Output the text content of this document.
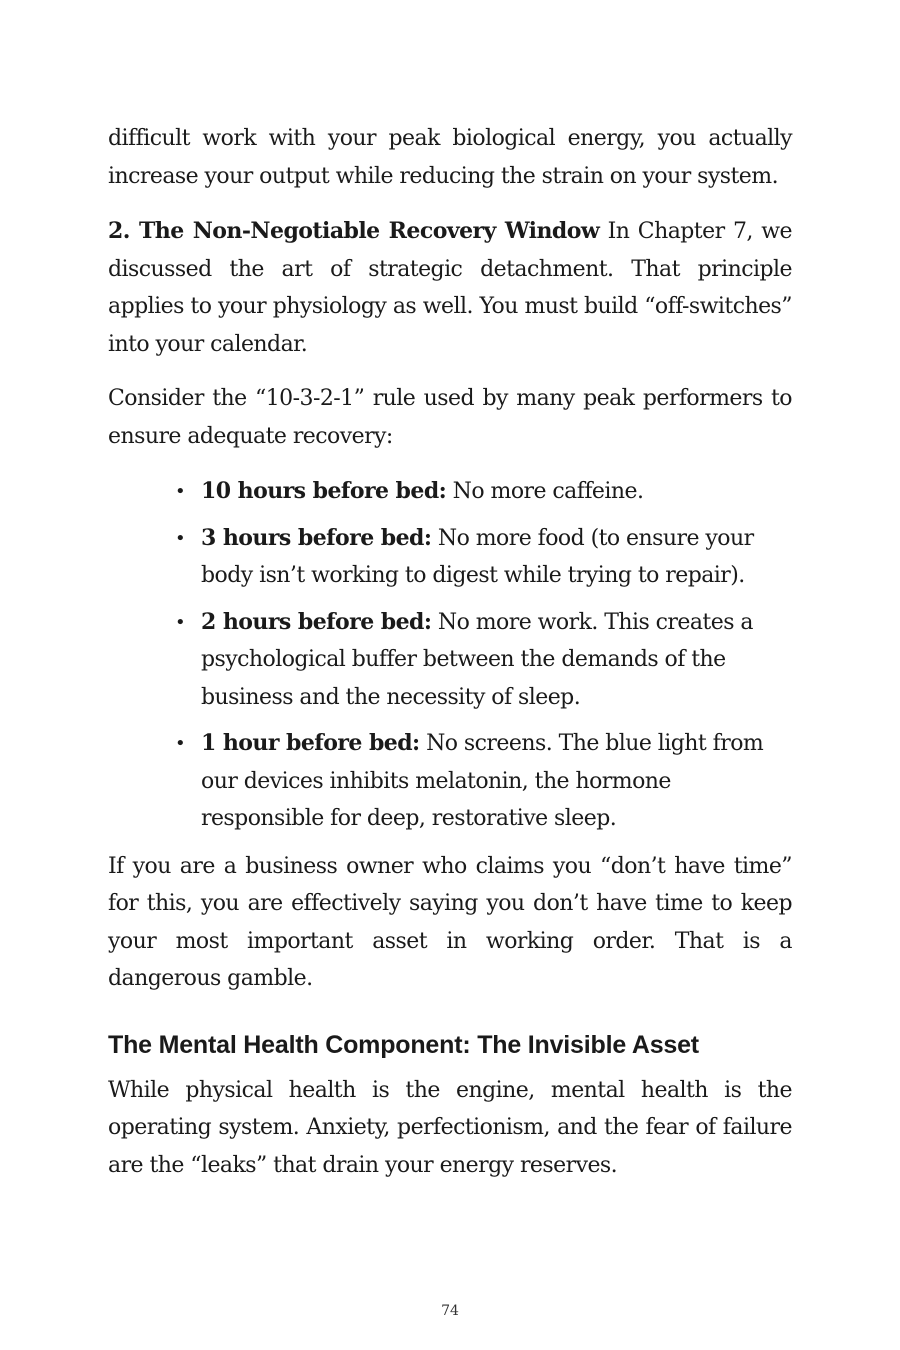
difficult work with your peak biological energy, you actually increase your output while reducing the strain on your system.

2. The Non-Negotiable Recovery Window In Chapter 7, we discussed the art of strategic detachment. That principle applies to your physiology as well. You must build “off-switches” into your calendar.

Consider the “10-3-2-1” rule used by many peak performers to ensure adequate recovery:

• 10 hours before bed: No more caffeine.
• 3 hours before bed: No more food (to ensure your body isn’t working to digest while trying to repair).
• 2 hours before bed: No more work. This creates a psychological buffer between the demands of the business and the necessity of sleep.
• 1 hour before bed: No screens. The blue light from our devices inhibits melatonin, the hormone responsible for deep, restorative sleep.

If you are a business owner who claims you “don’t have time” for this, you are effectively saying you don’t have time to keep your most important asset in working order. That is a dangerous gamble.

The Mental Health Component: The Invisible Asset

While physical health is the engine, mental health is the operating system. Anxiety, perfectionism, and the fear of failure are the “leaks” that drain your energy reserves.

74
